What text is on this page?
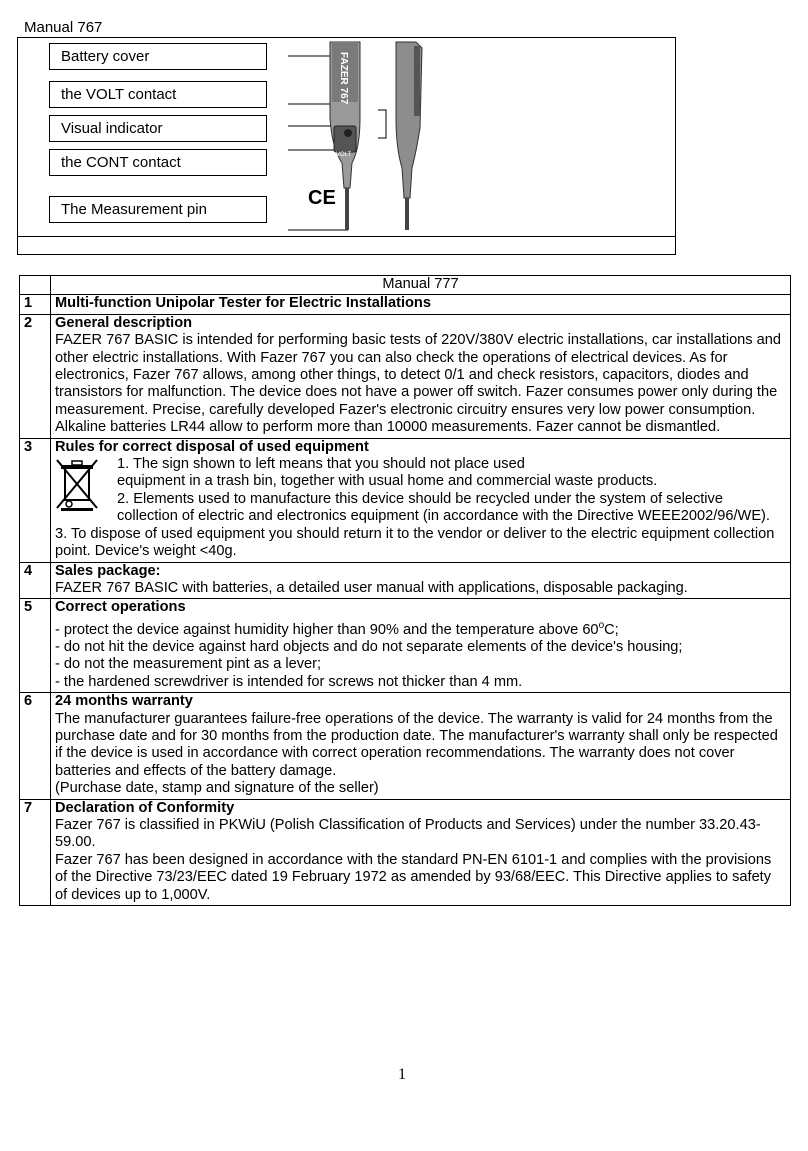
Manual 767
Battery cover
the VOLT contact
Visual indicator
the CONT contact
The Measurement pin
FAZER 767
VOLT
CE
	Manual 777
1	Multi-function Unipolar Tester for Electric Installations

2	General description
FAZER 767 BASIC is intended for performing basic tests of 220V/380V electric installations, car installations and other electric installations. With Fazer 767 you can also check the operations of electrical devices. As for electronics, Fazer 767 allows, among other things, to detect 0/1 and check resistors, capacitors, diodes and transistors for malfunction. The device does not have a power off switch. Fazer consumes power only during the measurement. Precise, carefully developed Fazer's electronic circuitry ensures very low power consumption. Alkaline batteries LR44 allow to perform more than 10000 measurements. Fazer cannot be dismantled.

3	Rules for correct disposal of used equipment
1. The sign shown to left means that you should not place used
equipment in a trash bin, together with usual home and commercial waste products.
2. Elements used to manufacture this device should be recycled under the system of selective collection of electric and electronics equipment (in accordance with the Directive WEEE2002/96/WE).
3. To dispose of used equipment you should return it to the vendor or deliver to the electric equipment collection point. Device's weight <40g.

4	Sales package:
FAZER 767 BASIC with batteries, a detailed user manual with applications, disposable packaging.

5	Correct operations
- protect the device against humidity higher than 90% and the temperature above 60$^o$C;
- do not hit the device against hard objects and do not separate elements of the device's housing;
- do not the measurement pint as a lever;
- the hardened screwdriver is intended for screws not thicker than 4 mm.

6	24 months warranty
The manufacturer guarantees failure-free operations of the device. The warranty is valid for 24 months from the purchase date and for 30 months from the production date. The manufacturer's warranty shall only be respected if the device is used in accordance with correct operation recommendations. The warranty does not cover batteries and effects of the battery damage.
(Purchase date, stamp and signature of the seller)

7	Declaration of Conformity
Fazer 767 is classified in PKWiU (Polish Classification of Products and Services) under the number 33.20.43-59.00.
Fazer 767 has been designed in accordance with the standard PN-EN 6101-1 and complies with the provisions of the Directive 73/23/EEC dated 19 February 1972 as amended by 93/68/EEC. This Directive applies to safety of devices up to 1,000V.
1
